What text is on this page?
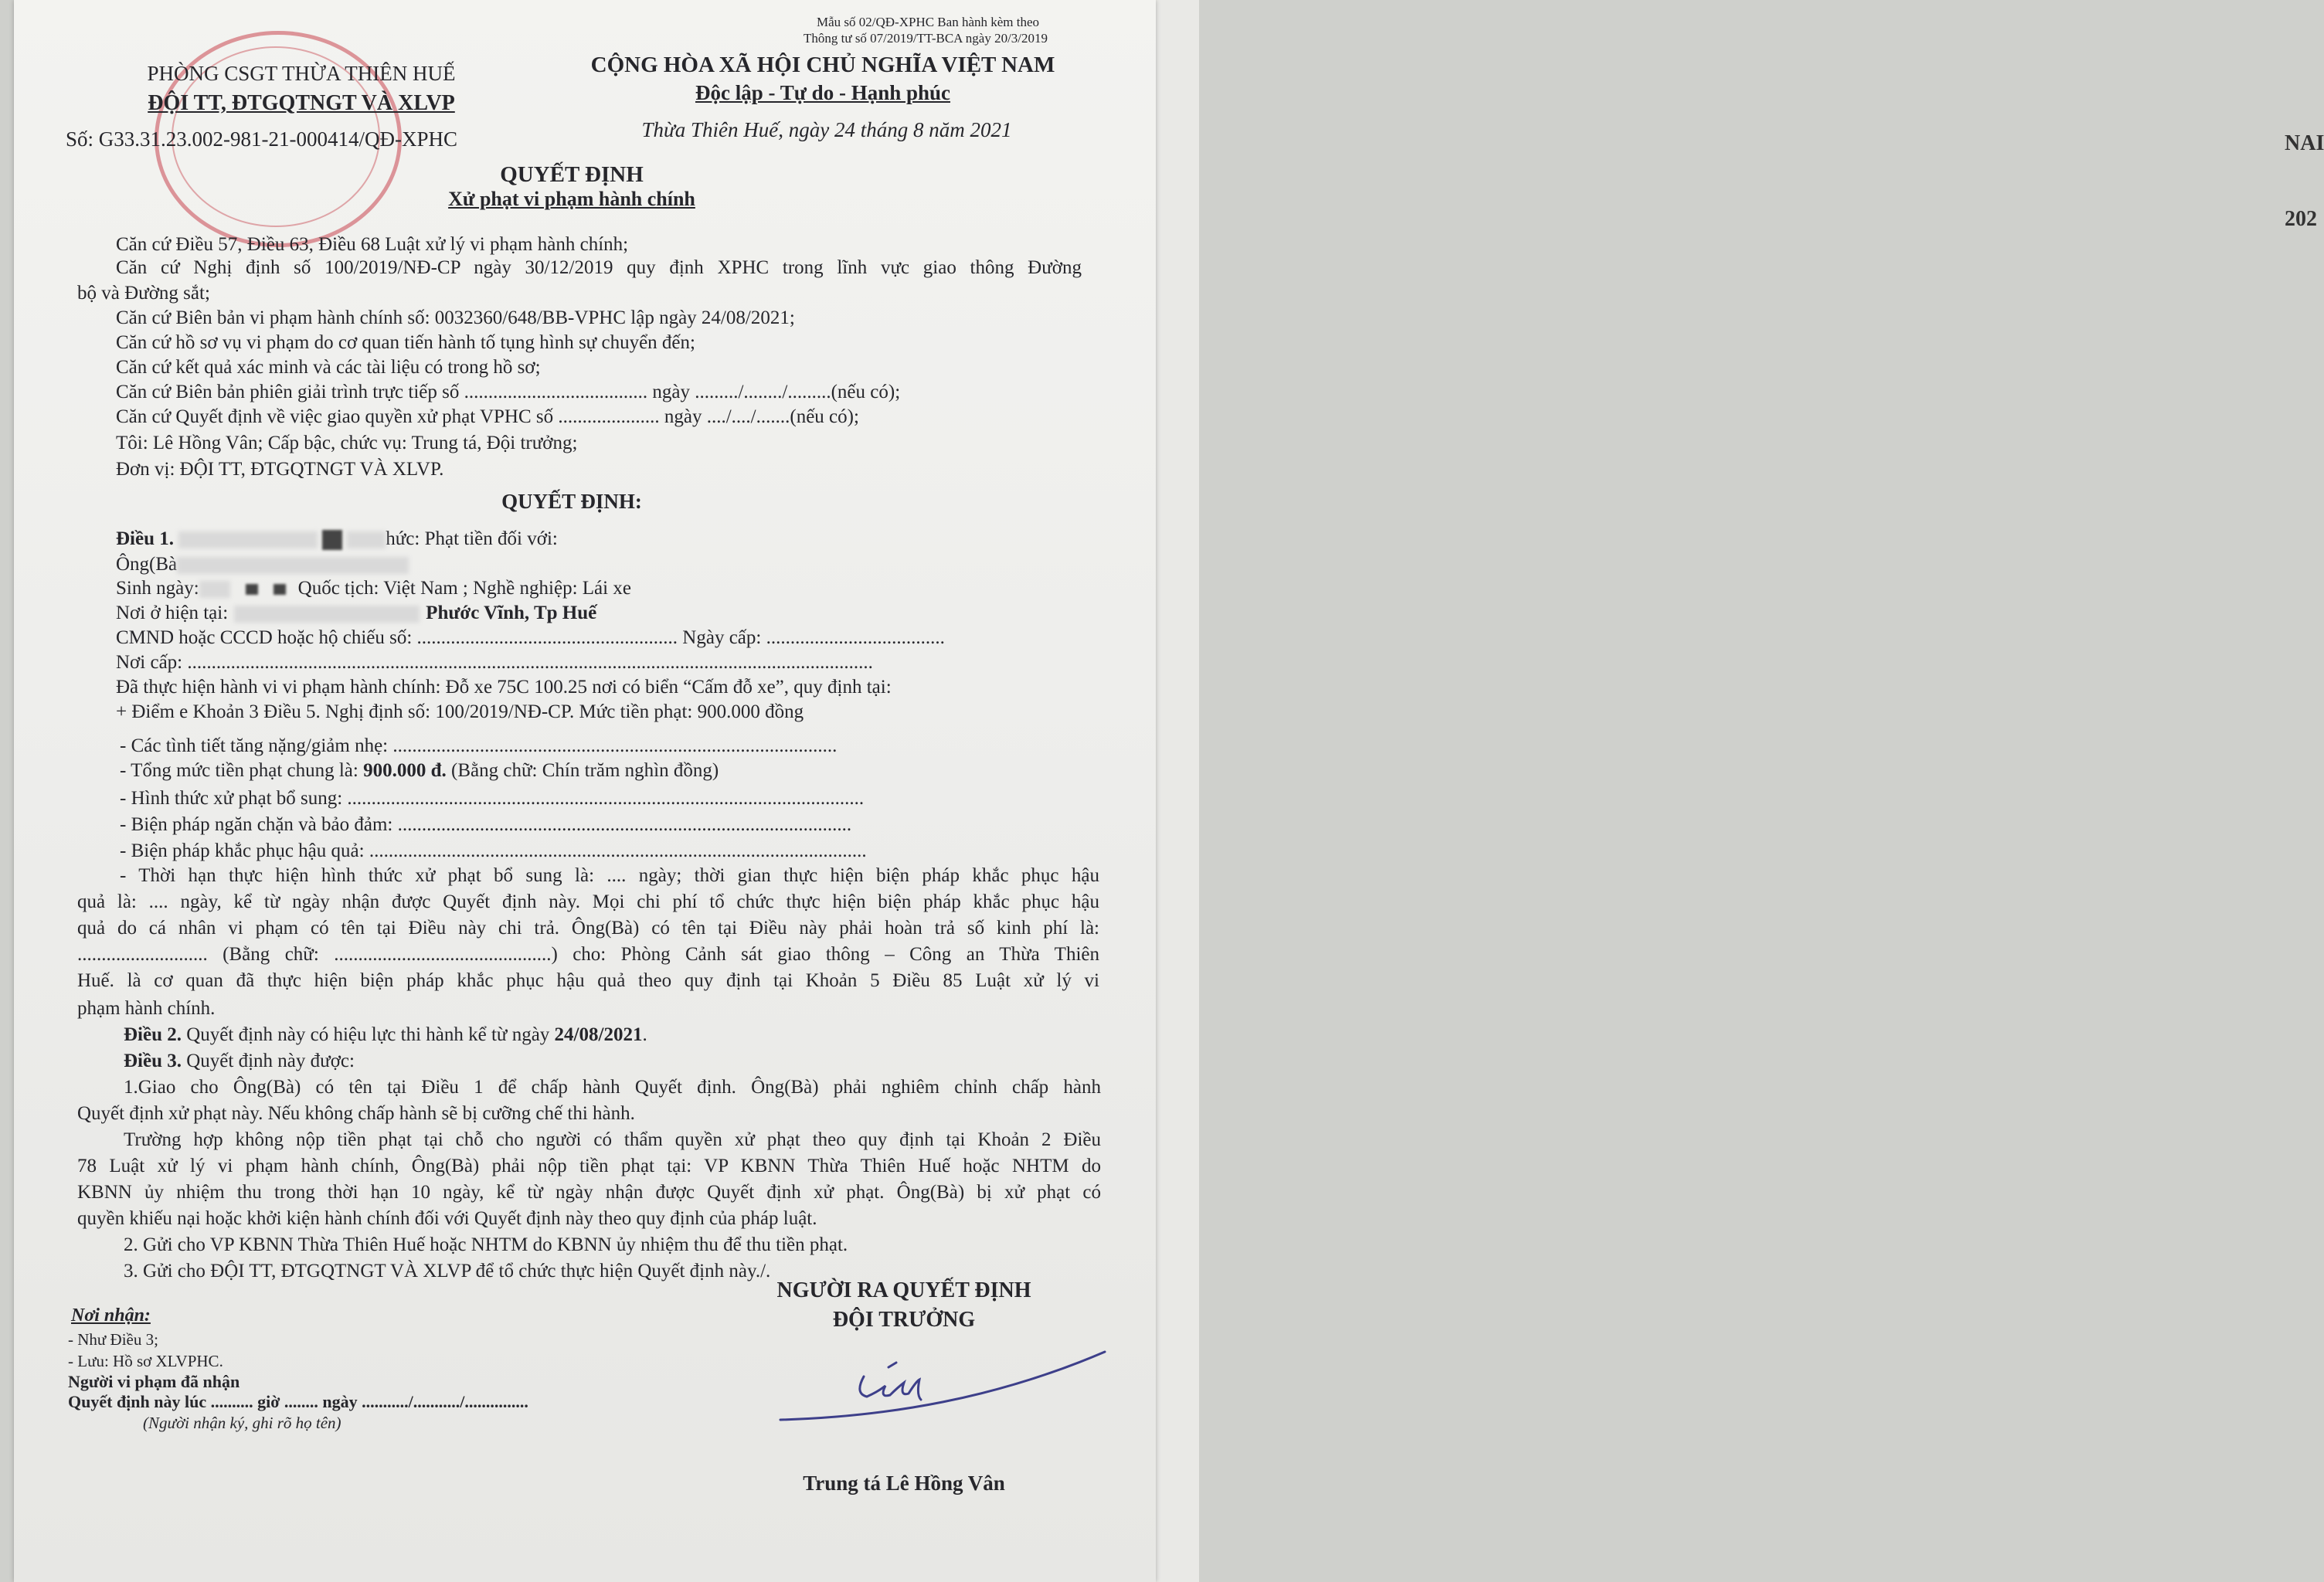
NAI
202
Mẫu số 02/QĐ-XPHC Ban hành kèm theo
Thông tư số 07/2019/TT-BCA ngày 20/3/2019
PHÒNG CSGT THỪA THIÊN HUẾ
ĐỘI TT, ĐTGQTNGT VÀ XLVP
Số: G33.31.23.002-981-21-000414/QĐ-XPHC
CỘNG HÒA XÃ HỘI CHỦ NGHĨA VIỆT NAM
Độc lập - Tự do - Hạnh phúc
Thừa Thiên Huế, ngày 24 tháng 8 năm 2021
QUYẾT ĐỊNH
Xử phạt vi phạm hành chính
Căn cứ Điều 57, Điều 63, Điều 68 Luật xử lý vi phạm hành chính;
Căn cứ Nghị định số 100/2019/NĐ-CP ngày 30/12/2019 quy định XPHC trong lĩnh vực giao thông Đường
bộ và Đường sắt;
Căn cứ Biên bản vi phạm hành chính số: 0032360/648/BB-VPHC lập ngày 24/08/2021;
Căn cứ hồ sơ vụ vi phạm do cơ quan tiến hành tố tụng hình sự chuyển đến;
Căn cứ kết quả xác minh và các tài liệu có trong hồ sơ;
Căn cứ Biên bản phiên giải trình trực tiếp số ...................................... ngày ........./......../.........(nếu có);
Căn cứ Quyết định về việc giao quyền xử phạt VPHC số ..................... ngày ..../..../.......(nếu có);
Tôi: Lê Hồng Vân; Cấp bậc, chức vụ: Trung tá, Đội trưởng;
Đơn vị: ĐỘI TT, ĐTGQTNGT VÀ XLVP.
QUYẾT ĐỊNH:
Điều 1.	hức: Phạt tiền đối với:
Ông(Bà
Sinh ngày:	Quốc tịch: Việt Nam ; Nghề nghiệp: Lái xe
Nơi ở hiện tại:	Phước Vĩnh, Tp Huế
CMND hoặc CCCD hoặc hộ chiếu số: ...................................................... Ngày cấp: .....................................
Nơi cấp: ..............................................................................................................................................
Đã thực hiện hành vi vi phạm hành chính: Đỗ xe 75C 100.25 nơi có biển “Cấm đỗ xe”, quy định tại:
+ Điểm e Khoản 3 Điều 5. Nghị định số: 100/2019/NĐ-CP. Mức tiền phạt: 900.000 đồng
- Các tình tiết tăng nặng/giảm nhẹ: ............................................................................................
- Tổng mức tiền phạt chung là: 900.000 đ. (Bằng chữ: Chín trăm nghìn đồng)
- Hình thức xử phạt bổ sung: ...........................................................................................................
- Biện pháp ngăn chặn và bảo đảm: ..............................................................................................
- Biện pháp khắc phục hậu quả: .......................................................................................................
- Thời hạn thực hiện hình thức xử phạt bổ sung là: .... ngày; thời gian thực hiện biện pháp khắc phục hậu
quả là: .... ngày, kể từ ngày nhận được Quyết định này. Mọi chi phí tổ chức thực hiện biện pháp khắc phục hậu
quả do cá nhân vi phạm có tên tại Điều này chi trả. Ông(Bà) có tên tại Điều này phải hoàn trả số kinh phí là:
........................... (Bằng chữ: .............................................) cho: Phòng Cảnh sát giao thông – Công an Thừa Thiên
Huế. là cơ quan đã thực hiện biện pháp khắc phục hậu quả theo quy định tại Khoản 5 Điều 85 Luật xử lý vi
phạm hành chính.
Điều 2. Quyết định này có hiệu lực thi hành kể từ ngày 24/08/2021.
Điều 3. Quyết định này được:
1.Giao cho Ông(Bà) có tên tại Điều 1 để chấp hành Quyết định. Ông(Bà) phải nghiêm chỉnh chấp hành
Quyết định xử phạt này. Nếu không chấp hành sẽ bị cưỡng chế thi hành.
Trường hợp không nộp tiền phạt tại chỗ cho người có thẩm quyền xử phạt theo quy định tại Khoản 2 Điều
78 Luật xử lý vi phạm hành chính, Ông(Bà) phải nộp tiền phạt tại: VP KBNN Thừa Thiên Huế hoặc NHTM do
KBNN ủy nhiệm thu trong thời hạn 10 ngày, kể từ ngày nhận được Quyết định xử phạt. Ông(Bà) bị xử phạt có
quyền khiếu nại hoặc khởi kiện hành chính đối với Quyết định này theo quy định của pháp luật.
2. Gửi cho VP KBNN Thừa Thiên Huế hoặc NHTM do KBNN ủy nhiệm thu để thu tiền phạt.
3. Gửi cho ĐỘI TT, ĐTGQTNGT VÀ XLVP để tổ chức thực hiện Quyết định này./.
Nơi nhận:
- Như Điều 3;
- Lưu: Hồ sơ XLVPHC.
Người vi phạm đã nhận
Quyết định này lúc .......... giờ ........ ngày .........../.........../...............
(Người nhận ký, ghi rõ họ tên)
NGƯỜI RA QUYẾT ĐỊNH
ĐỘI TRƯỞNG
Trung tá Lê Hồng Vân
